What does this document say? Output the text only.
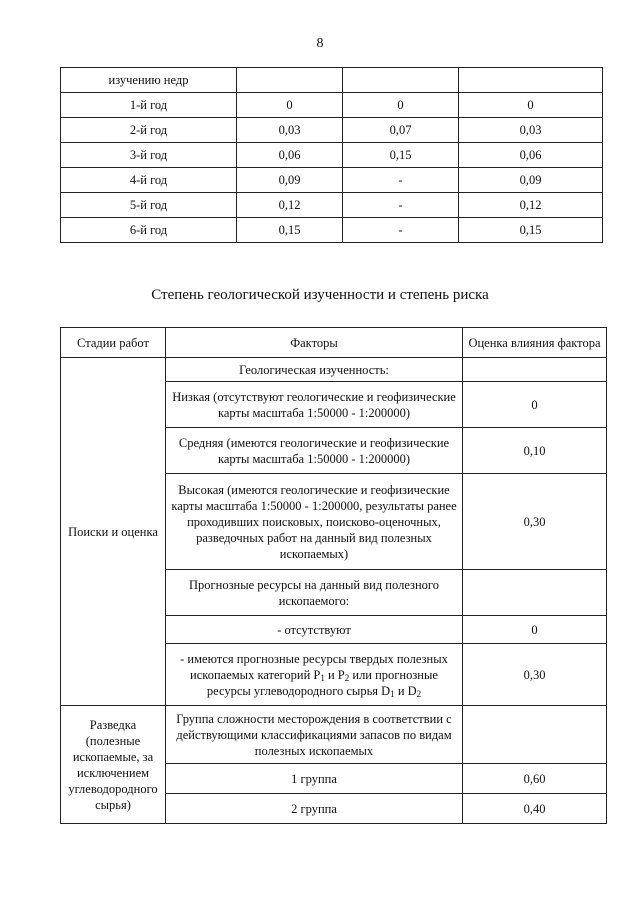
8
изучению недр			
1-й год	0	0	0
2-й год	0,03	0,07	0,03
3-й год	0,06	0,15	0,06
4-й год	0,09	-	0,09
5-й год	0,12	-	0,12
6-й год	0,15	-	0,15
Степень геологической изученности и степень риска
Стадии работ	Факторы	Оценка влияния фактора
Поиски и оценка	Геологическая изученность:	
	Низкая (отсутствуют геологические и геофизические карты масштаба 1:50000 - 1:200000)	0
	Средняя (имеются геологические и геофизические карты масштаба 1:50000 - 1:200000)	0,10
	Высокая (имеются геологические и геофизические карты масштаба 1:50000 - 1:200000, результаты ранее проходивших поисковых, поисково-оценочных, разведочных работ на данный вид полезных ископаемых)	0,30
	Прогнозные ресурсы на данный вид полезного ископаемого:	
	- отсутствуют	0
	- имеются прогнозные ресурсы твердых полезных ископаемых категорий $P_1$ и $P_2$ или прогнозные ресурсы углеводородного сырья $D_1$ и $D_2$	0,30
Разведка (полезные ископаемые, за исключением углеводородного сырья)	Группа сложности месторождения в соответствии с действующими классификациями запасов по видам полезных ископаемых	
	1 группа	0,60
	2 группа	0,40
